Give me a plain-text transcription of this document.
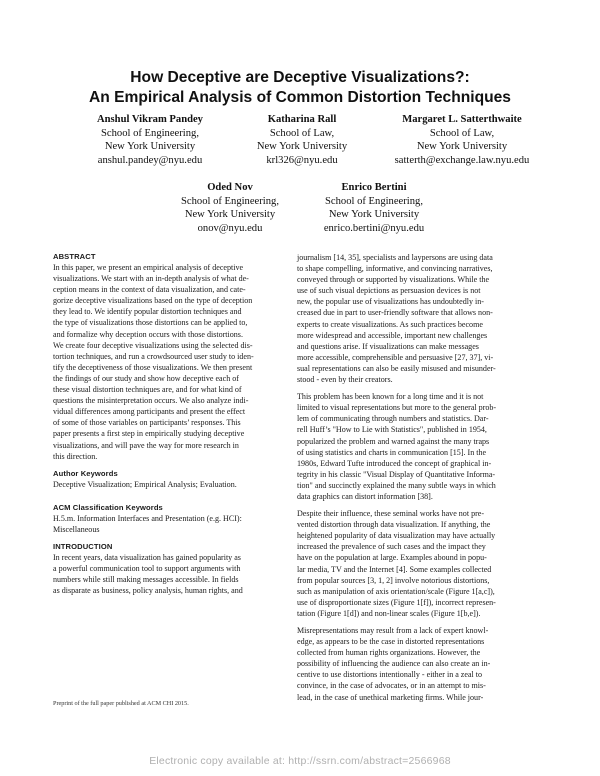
How Deceptive are Deceptive Visualizations?:
An Empirical Analysis of Common Distortion Techniques
Anshul Vikram Pandey
School of Engineering,
New York University
anshul.pandey@nyu.edu
Katharina Rall
School of Law,
New York University
krl326@nyu.edu
Margaret L. Satterthwaite
School of Law,
New York University
satterth@exchange.law.nyu.edu
Oded Nov
School of Engineering,
New York University
onov@nyu.edu
Enrico Bertini
School of Engineering,
New York University
enrico.bertini@nyu.edu
ABSTRACT

In this paper, we present an empirical analysis of deceptive
visualizations. We start with an in-depth analysis of what de-
ception means in the context of data visualization, and cate-
gorize deceptive visualizations based on the type of deception
they lead to. We identify popular distortion techniques and
the type of visualizations those distortions can be applied to,
and formalize why deception occurs with those distortions.
We create four deceptive visualizations using the selected dis-
tortion techniques, and run a crowdsourced user study to iden-
tify the deceptiveness of those visualizations. We then present
the findings of our study and show how deceptive each of
these visual distortion techniques are, and for what kind of
questions the misinterpretation occurs. We also analyze indi-
vidual differences among participants and present the effect
of some of those variables on participants’ responses. This
paper presents a first step in empirically studying deceptive
visualizations, and will pave the way for more research in
this direction.

Author Keywords

Deceptive Visualization; Empirical Analysis; Evaluation.

ACM Classification Keywords

H.5.m. Information Interfaces and Presentation (e.g. HCI):
Miscellaneous

INTRODUCTION

In recent years, data visualization has gained popularity as
a powerful communication tool to support arguments with
numbers while still making messages accessible. In fields
as disparate as business, policy analysis, human rights, and

journalism [14, 35], specialists and laypersons are using data
to shape compelling, informative, and convincing narratives,
conveyed through or supported by visualizations. While the
use of such visual depictions as persuasion devices is not
new, the popular use of visualizations has undoubtedly in-
creased due in part to user-friendly software that allows non-
experts to create visualizations. As such practices become
more widespread and accessible, important new challenges
and questions arise. If visualizations can make messages
more accessible, comprehensible and persuasive [27, 37], vi-
sual representations can also be easily misused and misunder-
stood - even by their creators.

This problem has been known for a long time and it is not
limited to visual representations but more to the general prob-
lem of communicating through numbers and statistics. Dar-
rell Huff’s "How to Lie with Statistics", published in 1954,
popularized the problem and warned against the many traps
of using statistics and charts in communication [15]. In the
1980s, Edward Tufte introduced the concept of graphical in-
tegrity in his classic "Visual Display of Quantitative Informa-
tion" and succinctly explained the many subtle ways in which
data graphics can distort information [38].

Despite their influence, these seminal works have not pre-
vented distortion through data visualization. If anything, the
heightened popularity of data visualization may have actually
increased the prevalence of such cases and the impact they
have on the population at large. Examples abound in popu-
lar media, TV and the Internet [4]. Some examples collected
from popular sources [3, 1, 2] involve notorious distortions,
such as manipulation of axis orientation/scale (Figure 1[a,c]),
use of disproportionate sizes (Figure 1[f]), incorrect represen-
tation (Figure 1[d]) and non-linear scales (Figure 1[b,e]).

Misrepresentations may result from a lack of expert knowl-
edge, as appears to be the case in distorted representations
collected from human rights organizations. However, the
possibility of influencing the audience can also create an in-
centive to use distortions intentionally - either in a zeal to
convince, in the case of advocates, or in an attempt to mis-
lead, in the case of unethical marketing firms. While jour-

Preprint of the full paper published at ACM CHI 2015.
Electronic copy available at: http://ssrn.com/abstract=2566968
